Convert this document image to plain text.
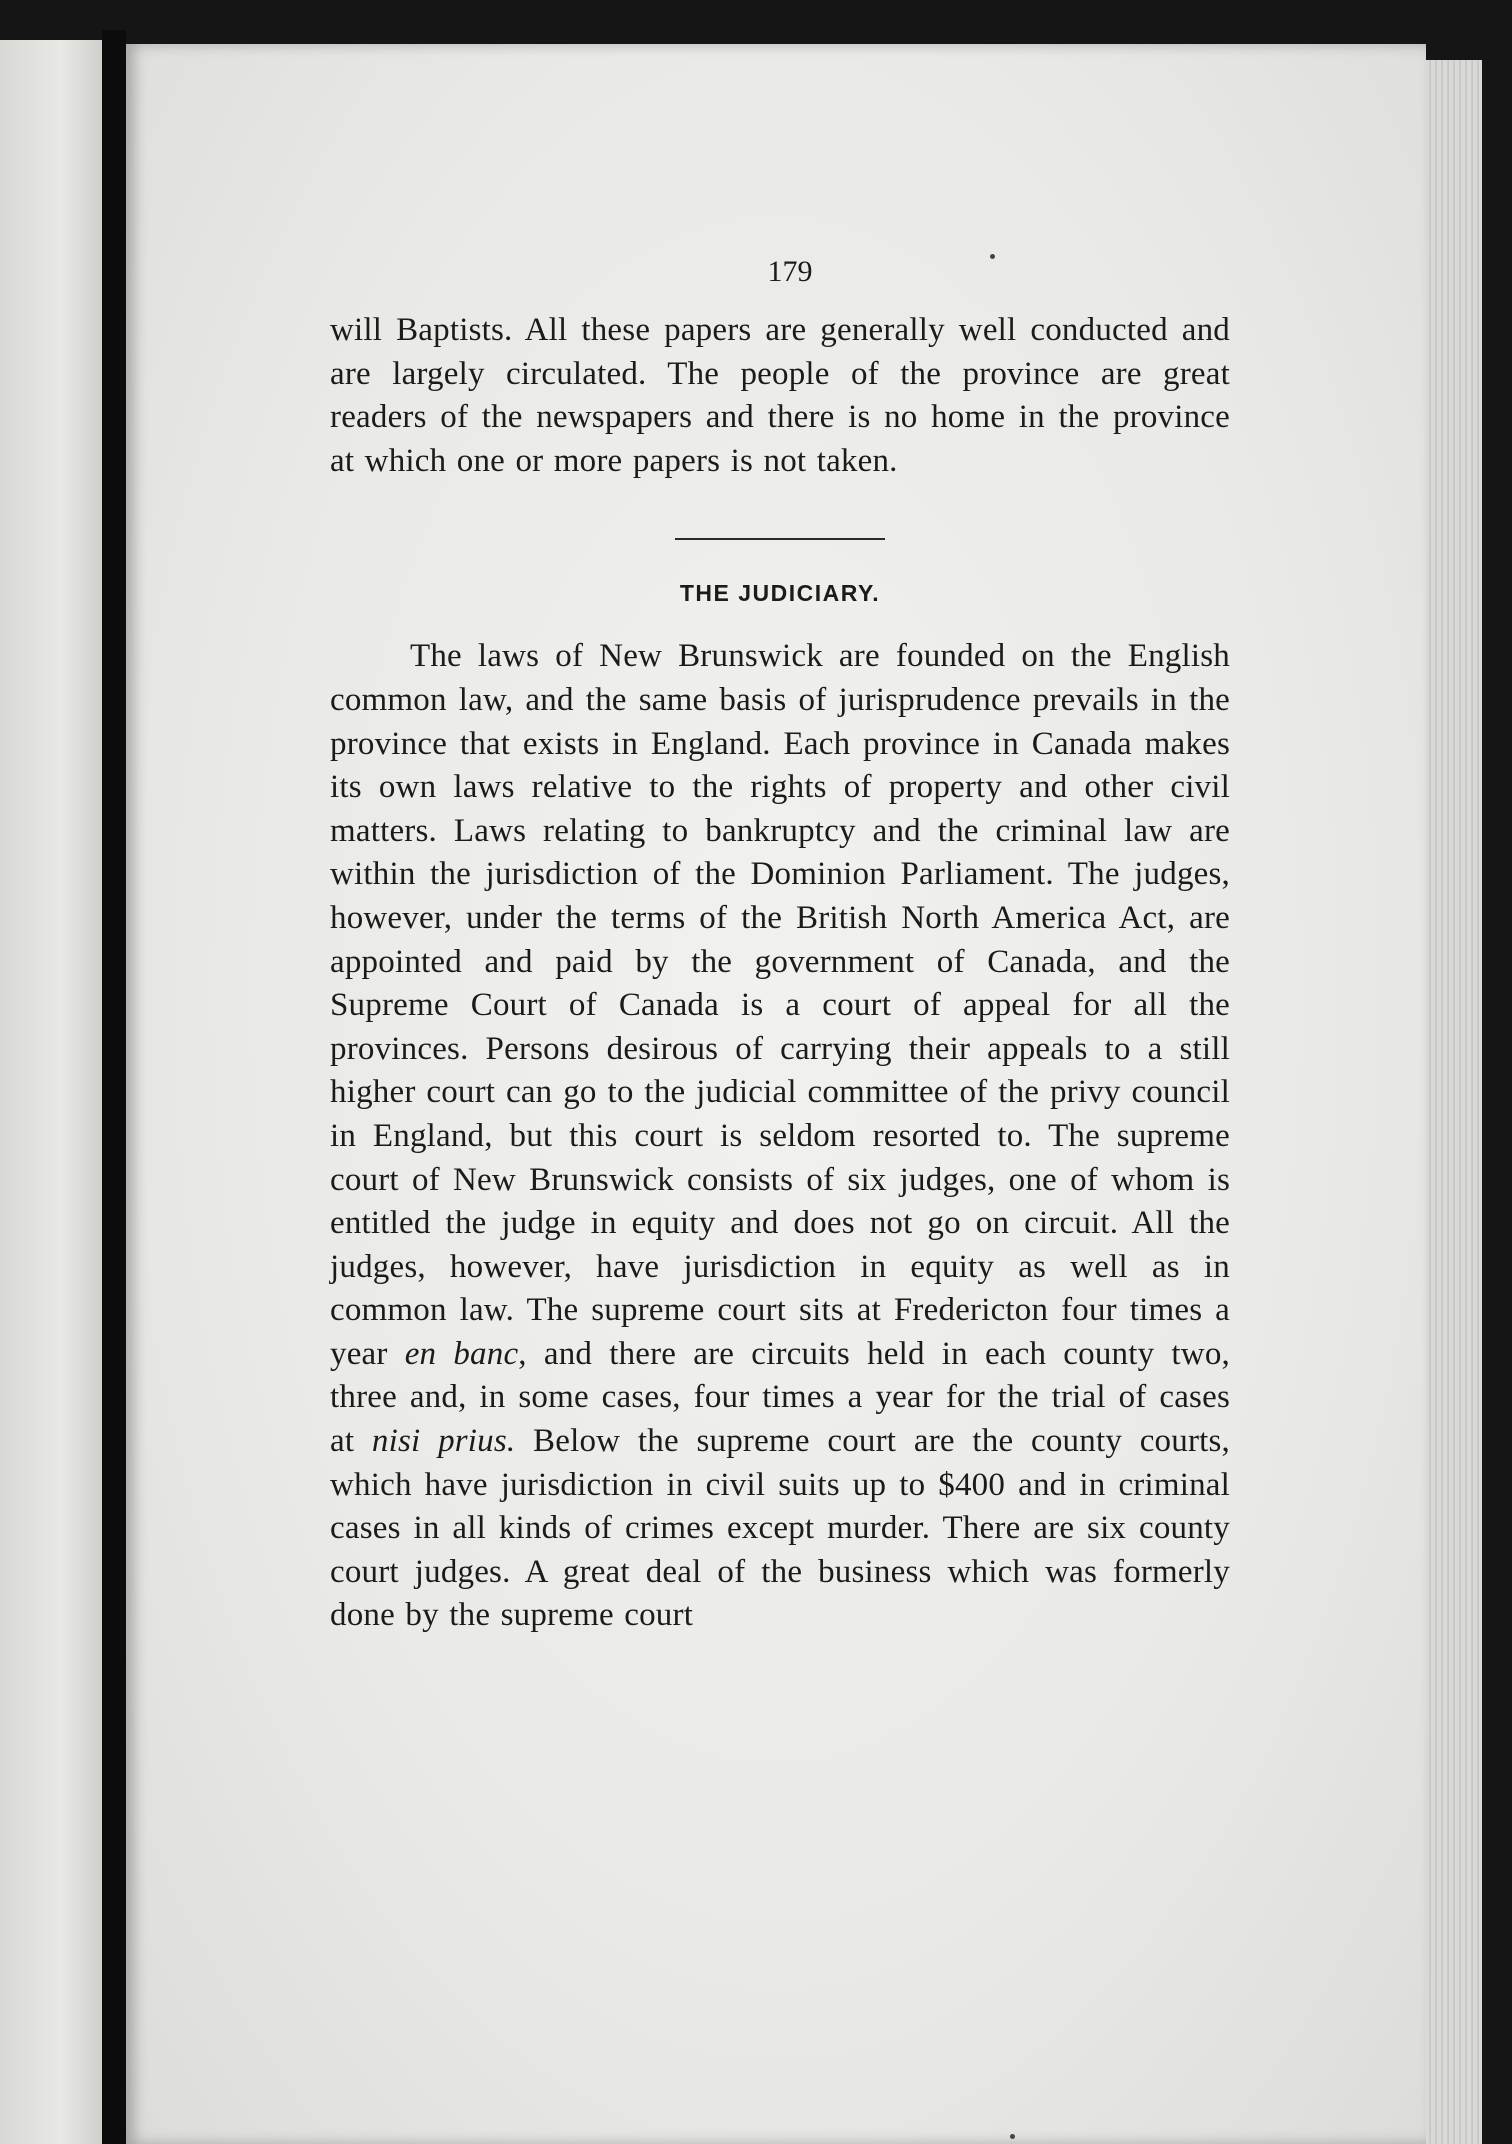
179

will Baptists. All these papers are generally well conducted and are largely circulated. The people of the province are great readers of the newspapers and there is no home in the province at which one or more papers is not taken.

THE JUDICIARY.

The laws of New Brunswick are founded on the English common law, and the same basis of jurisprudence prevails in the province that exists in England. Each province in Canada makes its own laws relative to the rights of property and other civil matters. Laws relating to bankruptcy and the criminal law are within the jurisdiction of the Dominion Parliament. The judges, however, under the terms of the British North America Act, are appointed and paid by the government of Canada, and the Supreme Court of Canada is a court of appeal for all the provinces. Persons desirous of carrying their appeals to a still higher court can go to the judicial committee of the privy council in England, but this court is seldom resorted to. The supreme court of New Brunswick consists of six judges, one of whom is entitled the judge in equity and does not go on circuit. All the judges, however, have jurisdiction in equity as well as in common law. The supreme court sits at Fredericton four times a year en banc, and there are circuits held in each county two, three and, in some cases, four times a year for the trial of cases at nisi prius. Below the supreme court are the county courts, which have jurisdiction in civil suits up to $400 and in criminal cases in all kinds of crimes except murder. There are six county court judges. A great deal of the business which was formerly done by the supreme court
